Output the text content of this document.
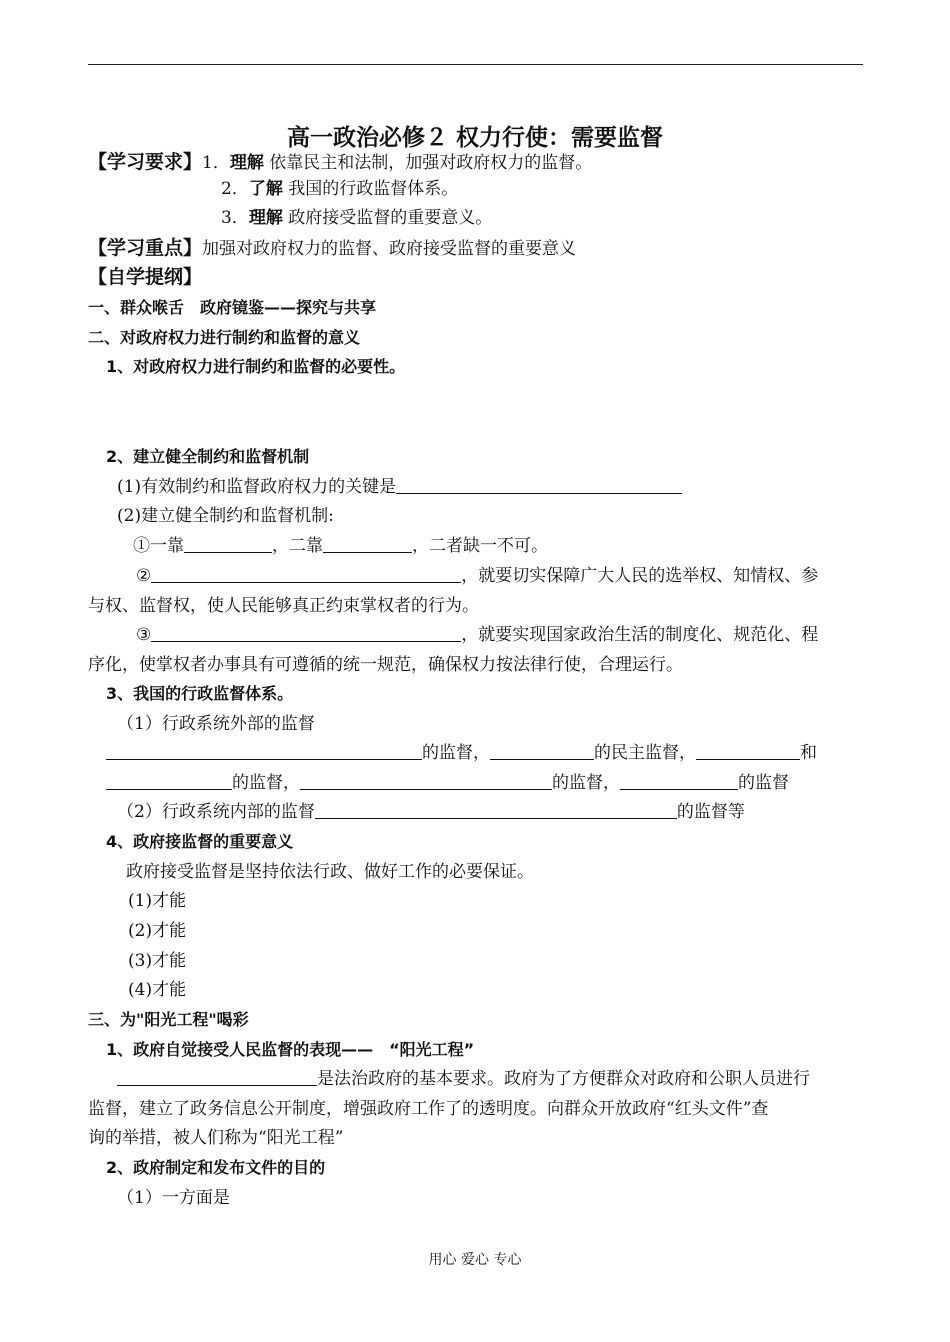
高一政治必修２ 权力行使：需要监督
【学习要求】1．理解 依靠民主和法制，加强对政府权力的监督。
2．了解 我国的行政监督体系。
3．理解 政府接受监督的重要意义。
【学习重点】加强对政府权力的监督、政府接受监督的重要意义
【自学提纲】
一、群众喉舌　政府镜鉴——探究与共享
二、对政府权力进行制约和监督的意义
1、对政府权力进行制约和监督的必要性。
2、建立健全制约和监督机制
(1)有效制约和监督政府权力的关键是
(2)建立健全制约和监督机制:
①一靠	，二靠	，二者缺一不可。
②	，就要切实保障广大人民的选举权、知情权、参
与权、监督权，使人民能够真正约束掌权者的行为。
③	，就要实现国家政治生活的制度化、规范化、程
序化，使掌权者办事具有可遵循的统一规范，确保权力按法律行使，合理运行。
3、我国的行政监督体系。
（1）行政系统外部的监督
的监督，	的民主监督，	和
的监督，	的监督，	的监督
（2）行政系统内部的监督	的监督等
4、政府接监督的重要意义
政府接受监督是坚持依法行政、做好工作的必要保证。
(1)才能
(2)才能
(3)才能
(4)才能
三、为"阳光工程"喝彩
1、政府自觉接受人民监督的表现——　“阳光工程”
是法治政府的基本要求。政府为了方便群众对政府和公职人员进行
监督，建立了政务信息公开制度，增强政府工作了的透明度。向群众开放政府“红头文件”查
询的举措，被人们称为“阳光工程”
2、政府制定和发布文件的目的
（1）一方面是
用心 爱心 专心
